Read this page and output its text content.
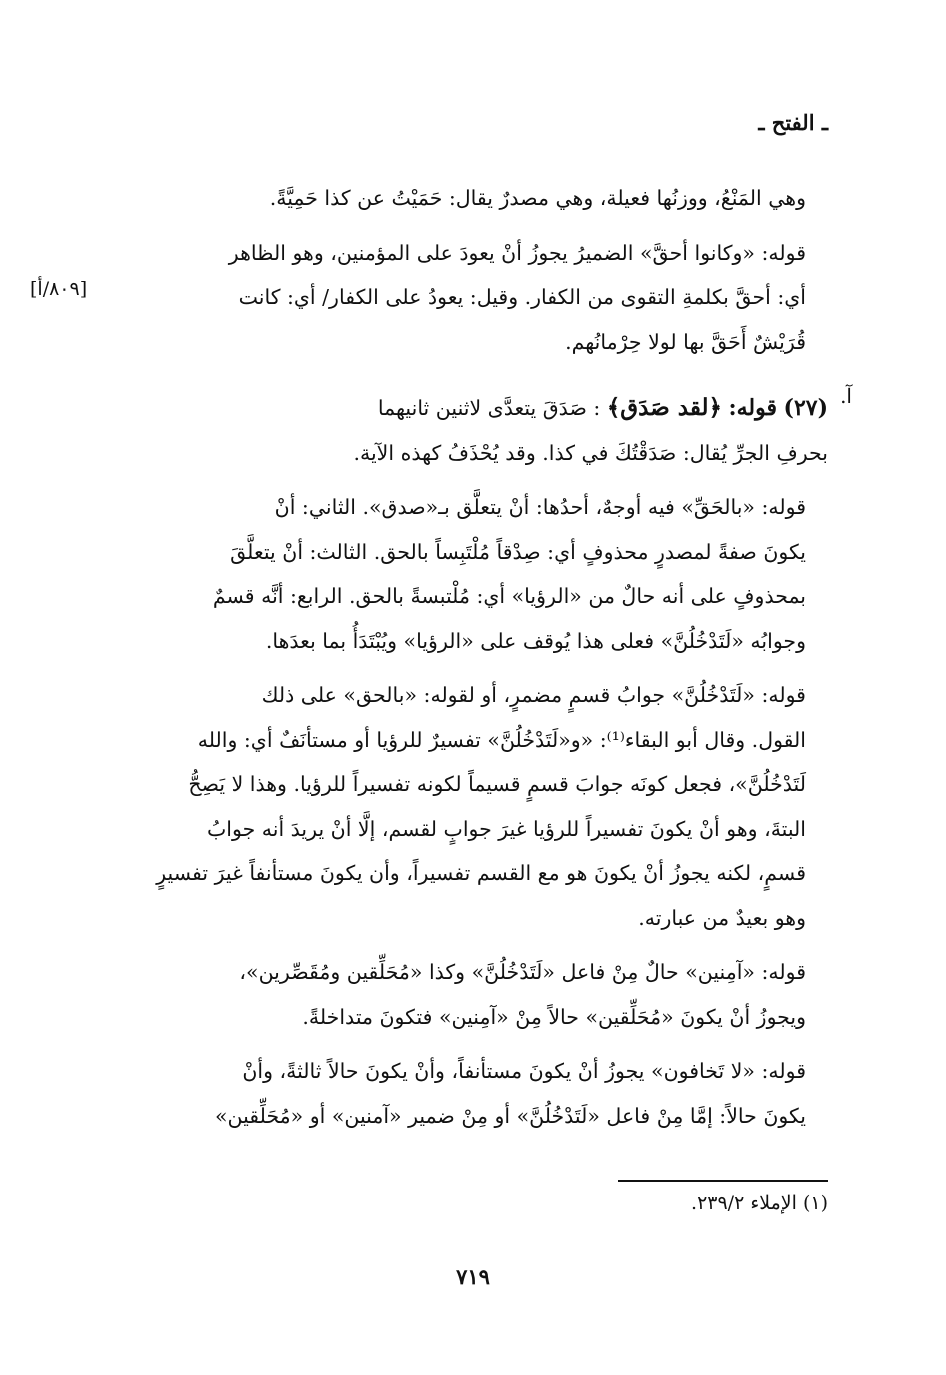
ـ الفتح ـ
[٨٠٩/أ]
آ.

وهي المَنْعُ، ووزنُها فعيلة، وهي مصدرٌ يقال: حَمَيْتُ عن كذا حَمِيَّةً.

قوله: «وكانوا أحقَّ» الضميرُ يجوزُ أنْ يعودَ على المؤمنين، وهو الظاهر
أي: أحقَّ بكلمةِ التقوى من الكفار. وقيل: يعودُ على الكفار/ أي: كانت
قُرَيْشٌ أَحَقَّ بها لولا حِرْمانُهم.

(٢٧) قوله: ﴿لقد صَدَق﴾ : صَدَقَ يتعدَّى لاثنين ثانيهما
بحرفِ الجرِّ يُقال: صَدَقْتُكَ في كذا. وقد يُحْذَفُ كهذه الآية.

قوله: «بالحَقِّ» فيه أوجهٌ، أحدُها: أنْ يتعلَّق بـ«صدق». الثاني: أنْ
يكونَ صفةً لمصدرٍ محذوفٍ أي: صِدْقاً مُلْتَبِساً بالحق. الثالث: أنْ يتعلَّقَ
بمحذوفٍ على أنه حالٌ من «الرؤيا» أي: مُلْتبسةً بالحق. الرابع: أنَّه قسمٌ
وجوابُه «لَتَدْخُلُنَّ» فعلى هذا يُوقف على «الرؤيا» ويُبْتَدَأُ بما بعدَها.

قوله: «لَتَدْخُلُنَّ» جوابُ قسمٍ مضمرٍ، أو لقوله: «بالحق» على ذلك
القول. وقال أبو البقاء⁽¹⁾: «و«لَتَدْخُلُنَّ» تفسيرٌ للرؤيا أو مستأنَفٌ أي: والله
لَتَدْخُلُنَّ»، فجعل كونَه جوابَ قسمٍ قسيماً لكونه تفسيراً للرؤيا. وهذا لا يَصِحُّ
البتةَ، وهو أنْ يكونَ تفسيراً للرؤيا غيرَ جوابٍ لقسم، إلَّا أنْ يريدَ أنه جوابُ
قسمٍ، لكنه يجوزُ أنْ يكونَ هو مع القسم تفسيراً، وأن يكونَ مستأنفاً غيرَ تفسيرٍ
وهو بعيدٌ من عبارته.

قوله: «آمِنين» حالٌ مِنْ فاعل «لَتَدْخُلُنَّ» وكذا «مُحَلِّقين ومُقَصِّرين»،
ويجوزُ أنْ يكونَ «مُحَلِّقين» حالاً مِنْ «آمِنين» فتكونَ متداخلةً.

قوله: «لا تَخافون» يجوزُ أنْ يكونَ مستأنفاً، وأنْ يكونَ حالاً ثالثةً، وأنْ
يكونَ حالاً: إمَّا مِنْ فاعل «لَتَدْخُلُنَّ» أو مِنْ ضمير «آمنين» أو «مُحَلِّقين»

(١) الإملاء ٢٣٩/٢.
٧١٩
